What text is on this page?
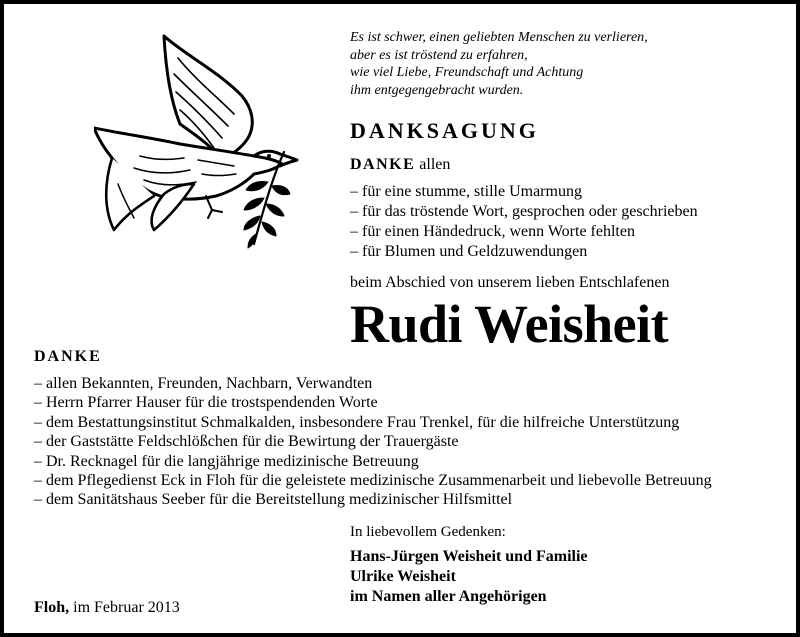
Es ist schwer, einen geliebten Menschen zu verlieren,
aber es ist tröstend zu erfahren,
wie viel Liebe, Freundschaft und Achtung
ihm entgegengebracht wurden.
DANKSAGUNG
DANKE allen
– für eine stumme, stille Umarmung
– für das tröstende Wort, gesprochen oder geschrieben
– für einen Händedruck, wenn Worte fehlten
– für Blumen und Geldzuwendungen
beim Abschied von unserem lieben Entschlafenen
Rudi Weisheit
DANKE
– allen Bekannten, Freunden, Nachbarn, Verwandten
– Herrn Pfarrer Hauser für die trostspendenden Worte
– dem Bestattungsinstitut Schmalkalden, insbesondere Frau Trenkel, für die hilfreiche Unterstützung
– der Gaststätte Feldschlößchen für die Bewirtung der Trauergäste
– Dr. Recknagel für die langjährige medizinische Betreuung
– dem Pflegedienst Eck in Floh für die geleistete medizinische Zusammenarbeit und liebevolle Betreuung
– dem Sanitätshaus Seeber für die Bereitstellung medizinischer Hilfsmittel
In liebevollem Gedenken:
Hans-Jürgen Weisheit und Familie
Ulrike Weisheit
im Namen aller Angehörigen
Floh, im Februar 2013
